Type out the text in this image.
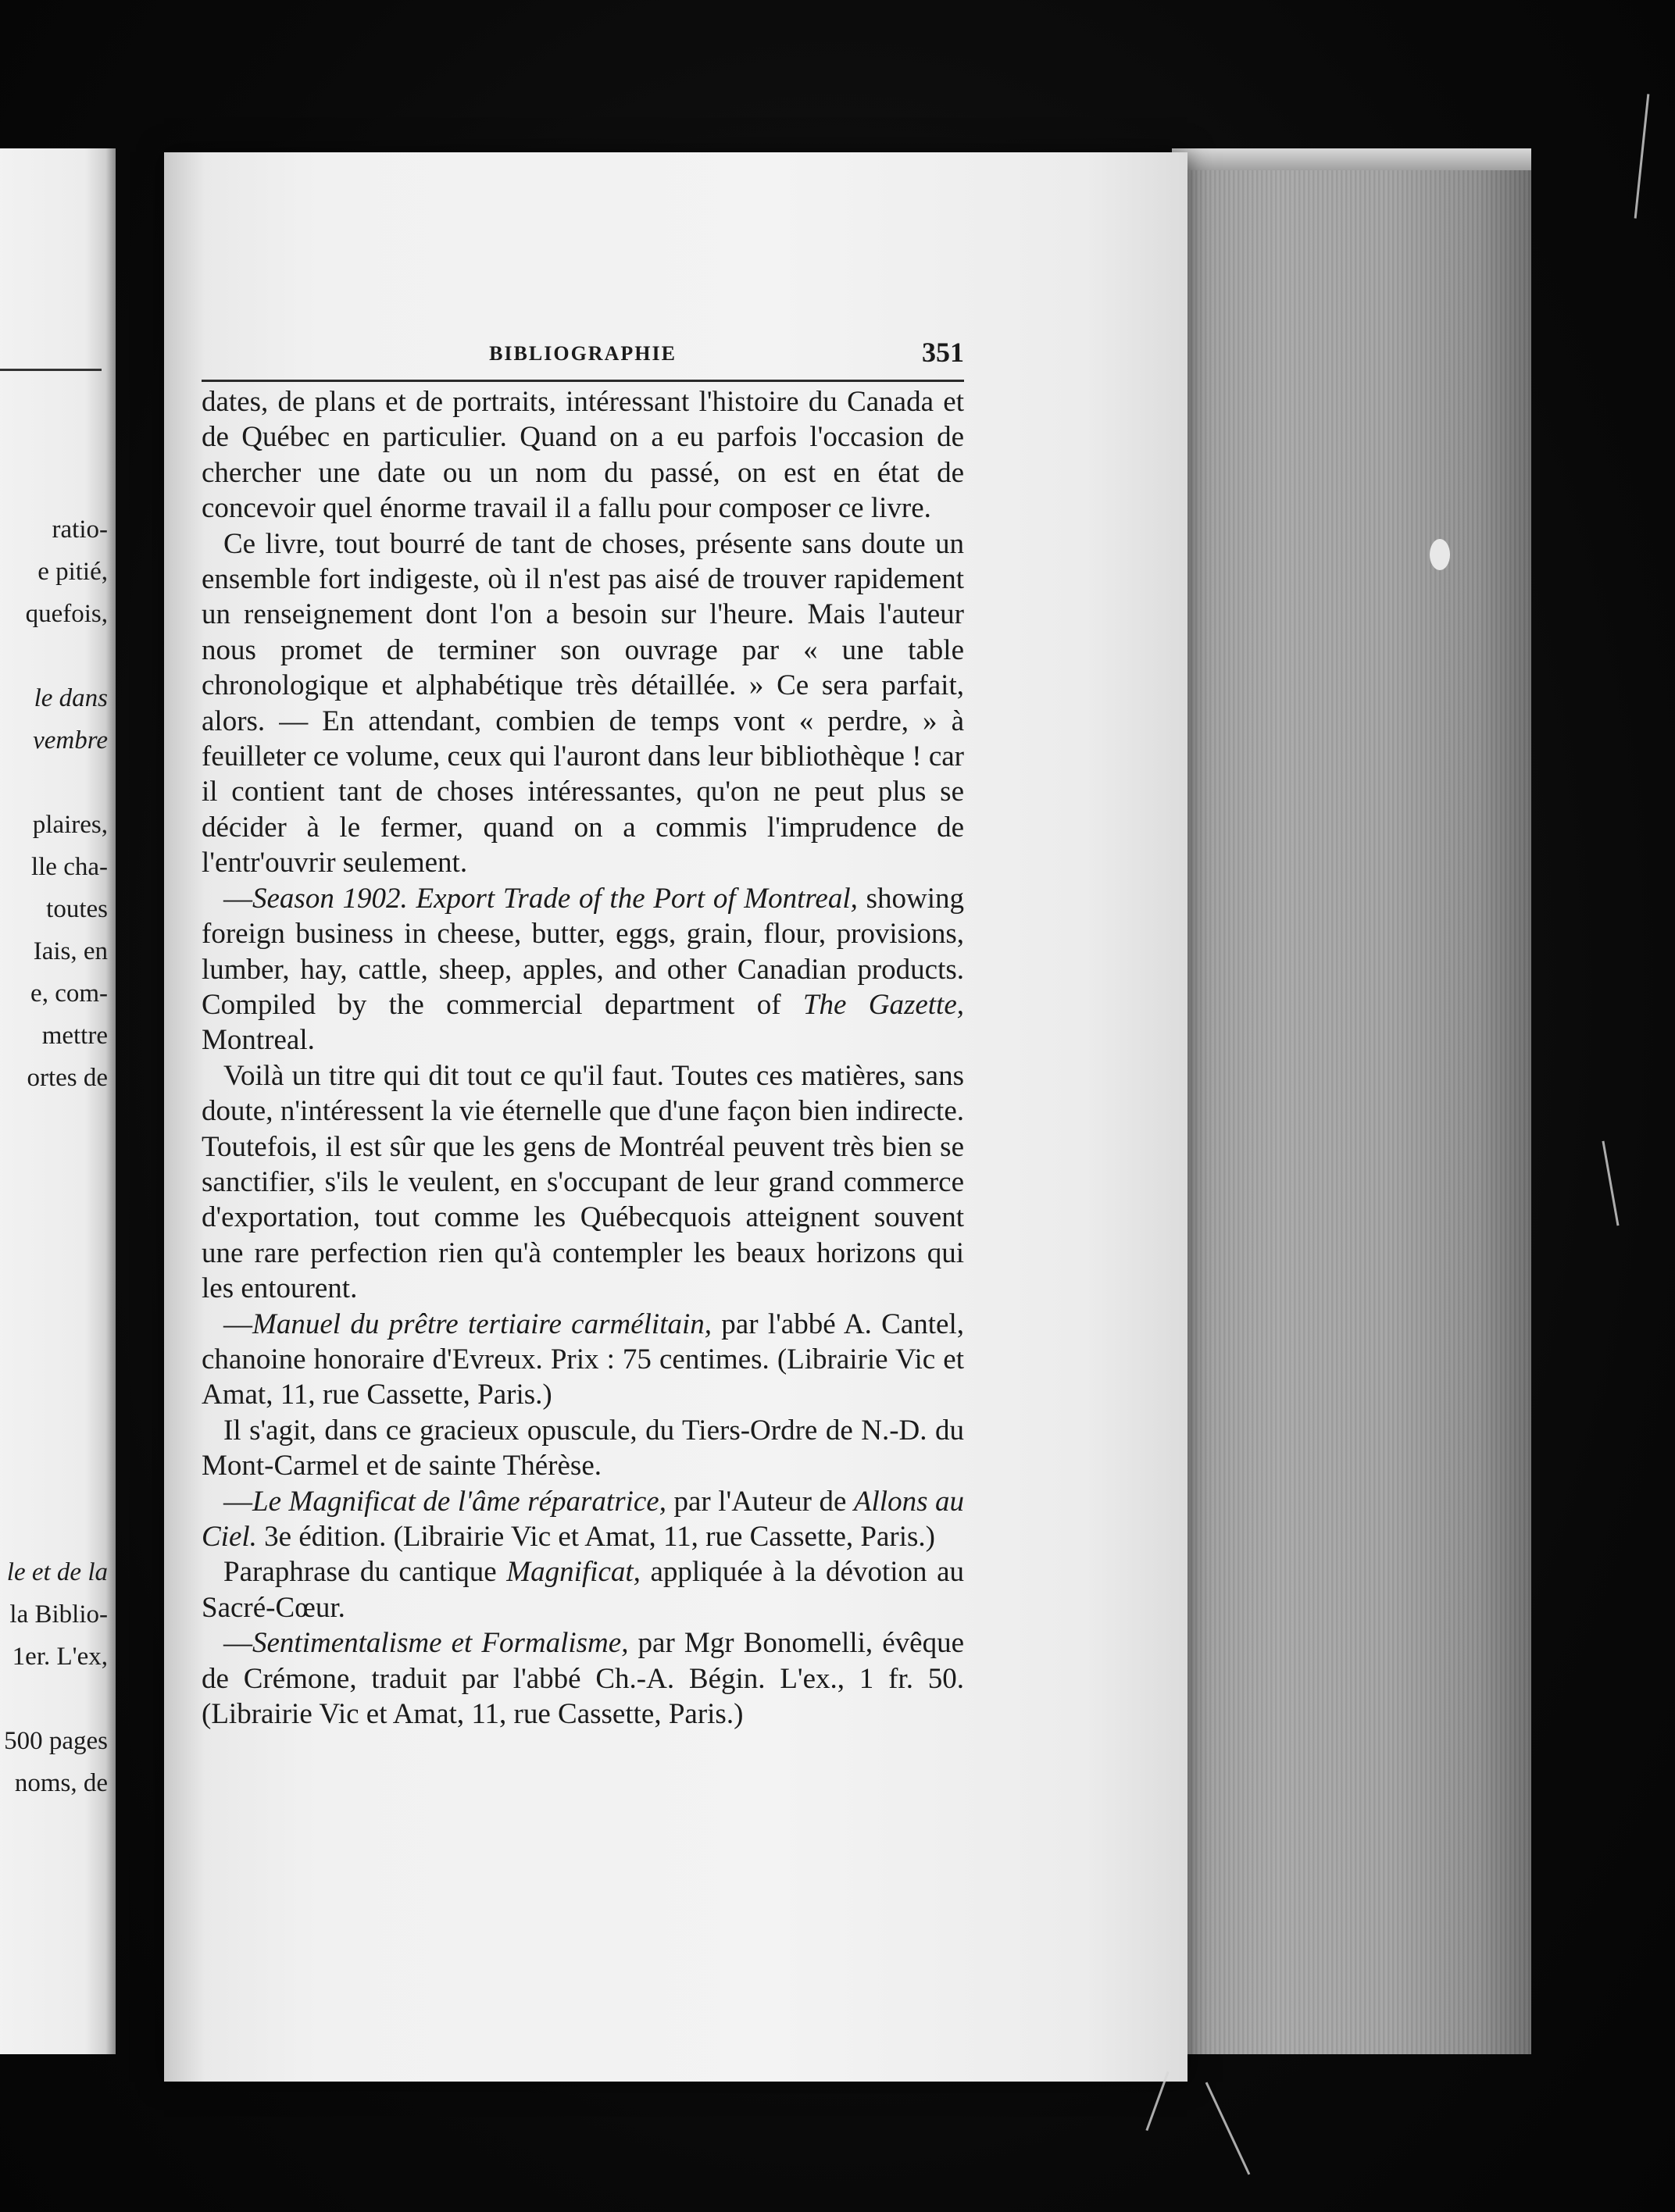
ratio-
e pitié,
quefois,
le dans
vembre
plaires,
lle cha-
toutes
Iais, en
e, com-
mettre
ortes de
le et de la
la Biblio-
1er. L'ex,
500 pages
noms, de
BIBLIOGRAPHIE	351

dates, de plans et de portraits, intéressant l'histoire du Canada et de Québec en particulier. Quand on a eu parfois l'occasion de chercher une date ou un nom du passé, on est en état de concevoir quel énorme travail il a fallu pour composer ce livre.

Ce livre, tout bourré de tant de choses, présente sans doute un ensemble fort indigeste, où il n'est pas aisé de trouver rapidement un renseignement dont l'on a besoin sur l'heure. Mais l'auteur nous promet de terminer son ouvrage par « une table chronologique et alphabétique très détaillée. » Ce sera parfait, alors. — En attendant, combien de temps vont « perdre, » à feuilleter ce volume, ceux qui l'auront dans leur bibliothèque ! car il contient tant de choses intéressantes, qu'on ne peut plus se décider à le fermer, quand on a commis l'imprudence de l'entr'ouvrir seulement.

—Season 1902. Export Trade of the Port of Montreal, showing foreign business in cheese, butter, eggs, grain, flour, provisions, lumber, hay, cattle, sheep, apples, and other Canadian products. Compiled by the commercial department of The Gazette, Montreal.

Voilà un titre qui dit tout ce qu'il faut. Toutes ces matières, sans doute, n'intéressent la vie éternelle que d'une façon bien indirecte. Toutefois, il est sûr que les gens de Montréal peuvent très bien se sanctifier, s'ils le veulent, en s'occupant de leur grand commerce d'exportation, tout comme les Québecquois atteignent souvent une rare perfection rien qu'à contempler les beaux horizons qui les entourent.

—Manuel du prêtre tertiaire carmélitain, par l'abbé A. Cantel, chanoine honoraire d'Evreux. Prix : 75 centimes. (Librairie Vic et Amat, 11, rue Cassette, Paris.)

Il s'agit, dans ce gracieux opuscule, du Tiers-Ordre de N.-D. du Mont-Carmel et de sainte Thérèse.

—Le Magnificat de l'âme réparatrice, par l'Auteur de Allons au Ciel. 3e édition. (Librairie Vic et Amat, 11, rue Cassette, Paris.)

Paraphrase du cantique Magnificat, appliquée à la dévotion au Sacré-Cœur.

—Sentimentalisme et Formalisme, par Mgr Bonomelli, évêque de Crémone, traduit par l'abbé Ch.-A. Bégin. L'ex., 1 fr. 50. (Librairie Vic et Amat, 11, rue Cassette, Paris.)
